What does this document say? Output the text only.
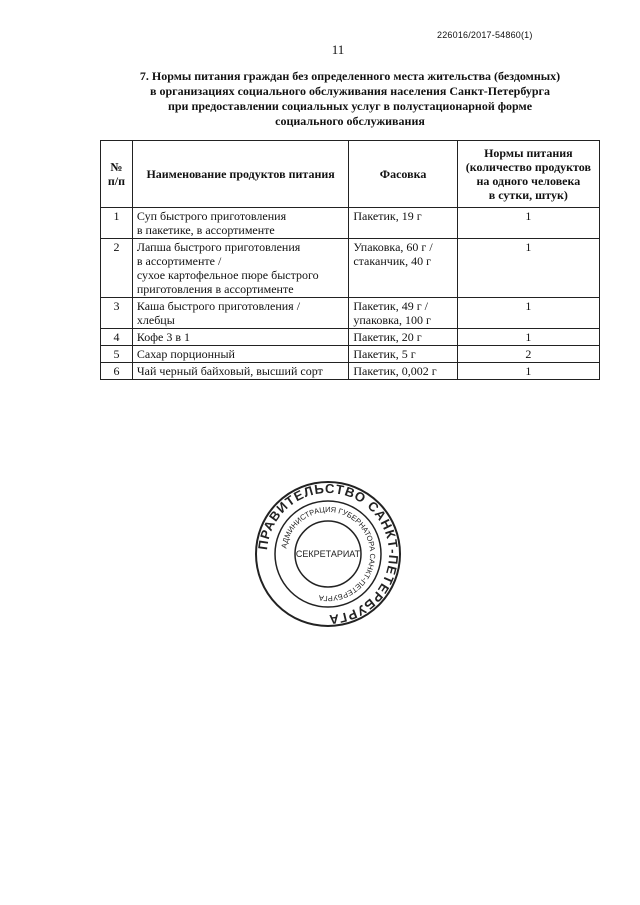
226016/2017-54860(1)
11
7. Нормы питания граждан без определенного места жительства (бездомных)
в организациях социального обслуживания населения Санкт-Петербурга
при предоставлении социальных услуг в полустационарной форме
социального обслуживания
№
п/п	Наименование продуктов питания	Фасовка	Нормы питания
(количество продуктов
на одного человека
в сутки, штук)

1	Суп быстрого приготовления
в пакетике, в ассортименте	Пакетик, 19 г	1
2	Лапша быстрого приготовления
в ассортименте /
сухое картофельное пюре быстрого
приготовления в ассортименте	Упаковка, 60 г /
стаканчик, 40 г	1
3	Каша быстрого приготовления /
хлебцы	Пакетик, 49 г /
упаковка, 100 г	1
4	Кофе 3 в 1	Пакетик, 20 г	1
5	Сахар порционный	Пакетик, 5 г	2
6	Чай черный байховый, высший сорт	Пакетик, 0,002 г	1
ПРАВИТЕЛЬСТВО САНКТ-ПЕТЕРБУРГА
АДМИНИСТРАЦИЯ ГУБЕРНАТОРА САНКТ-ПЕТЕРБУРГА
СЕКРЕТАРИАТ
